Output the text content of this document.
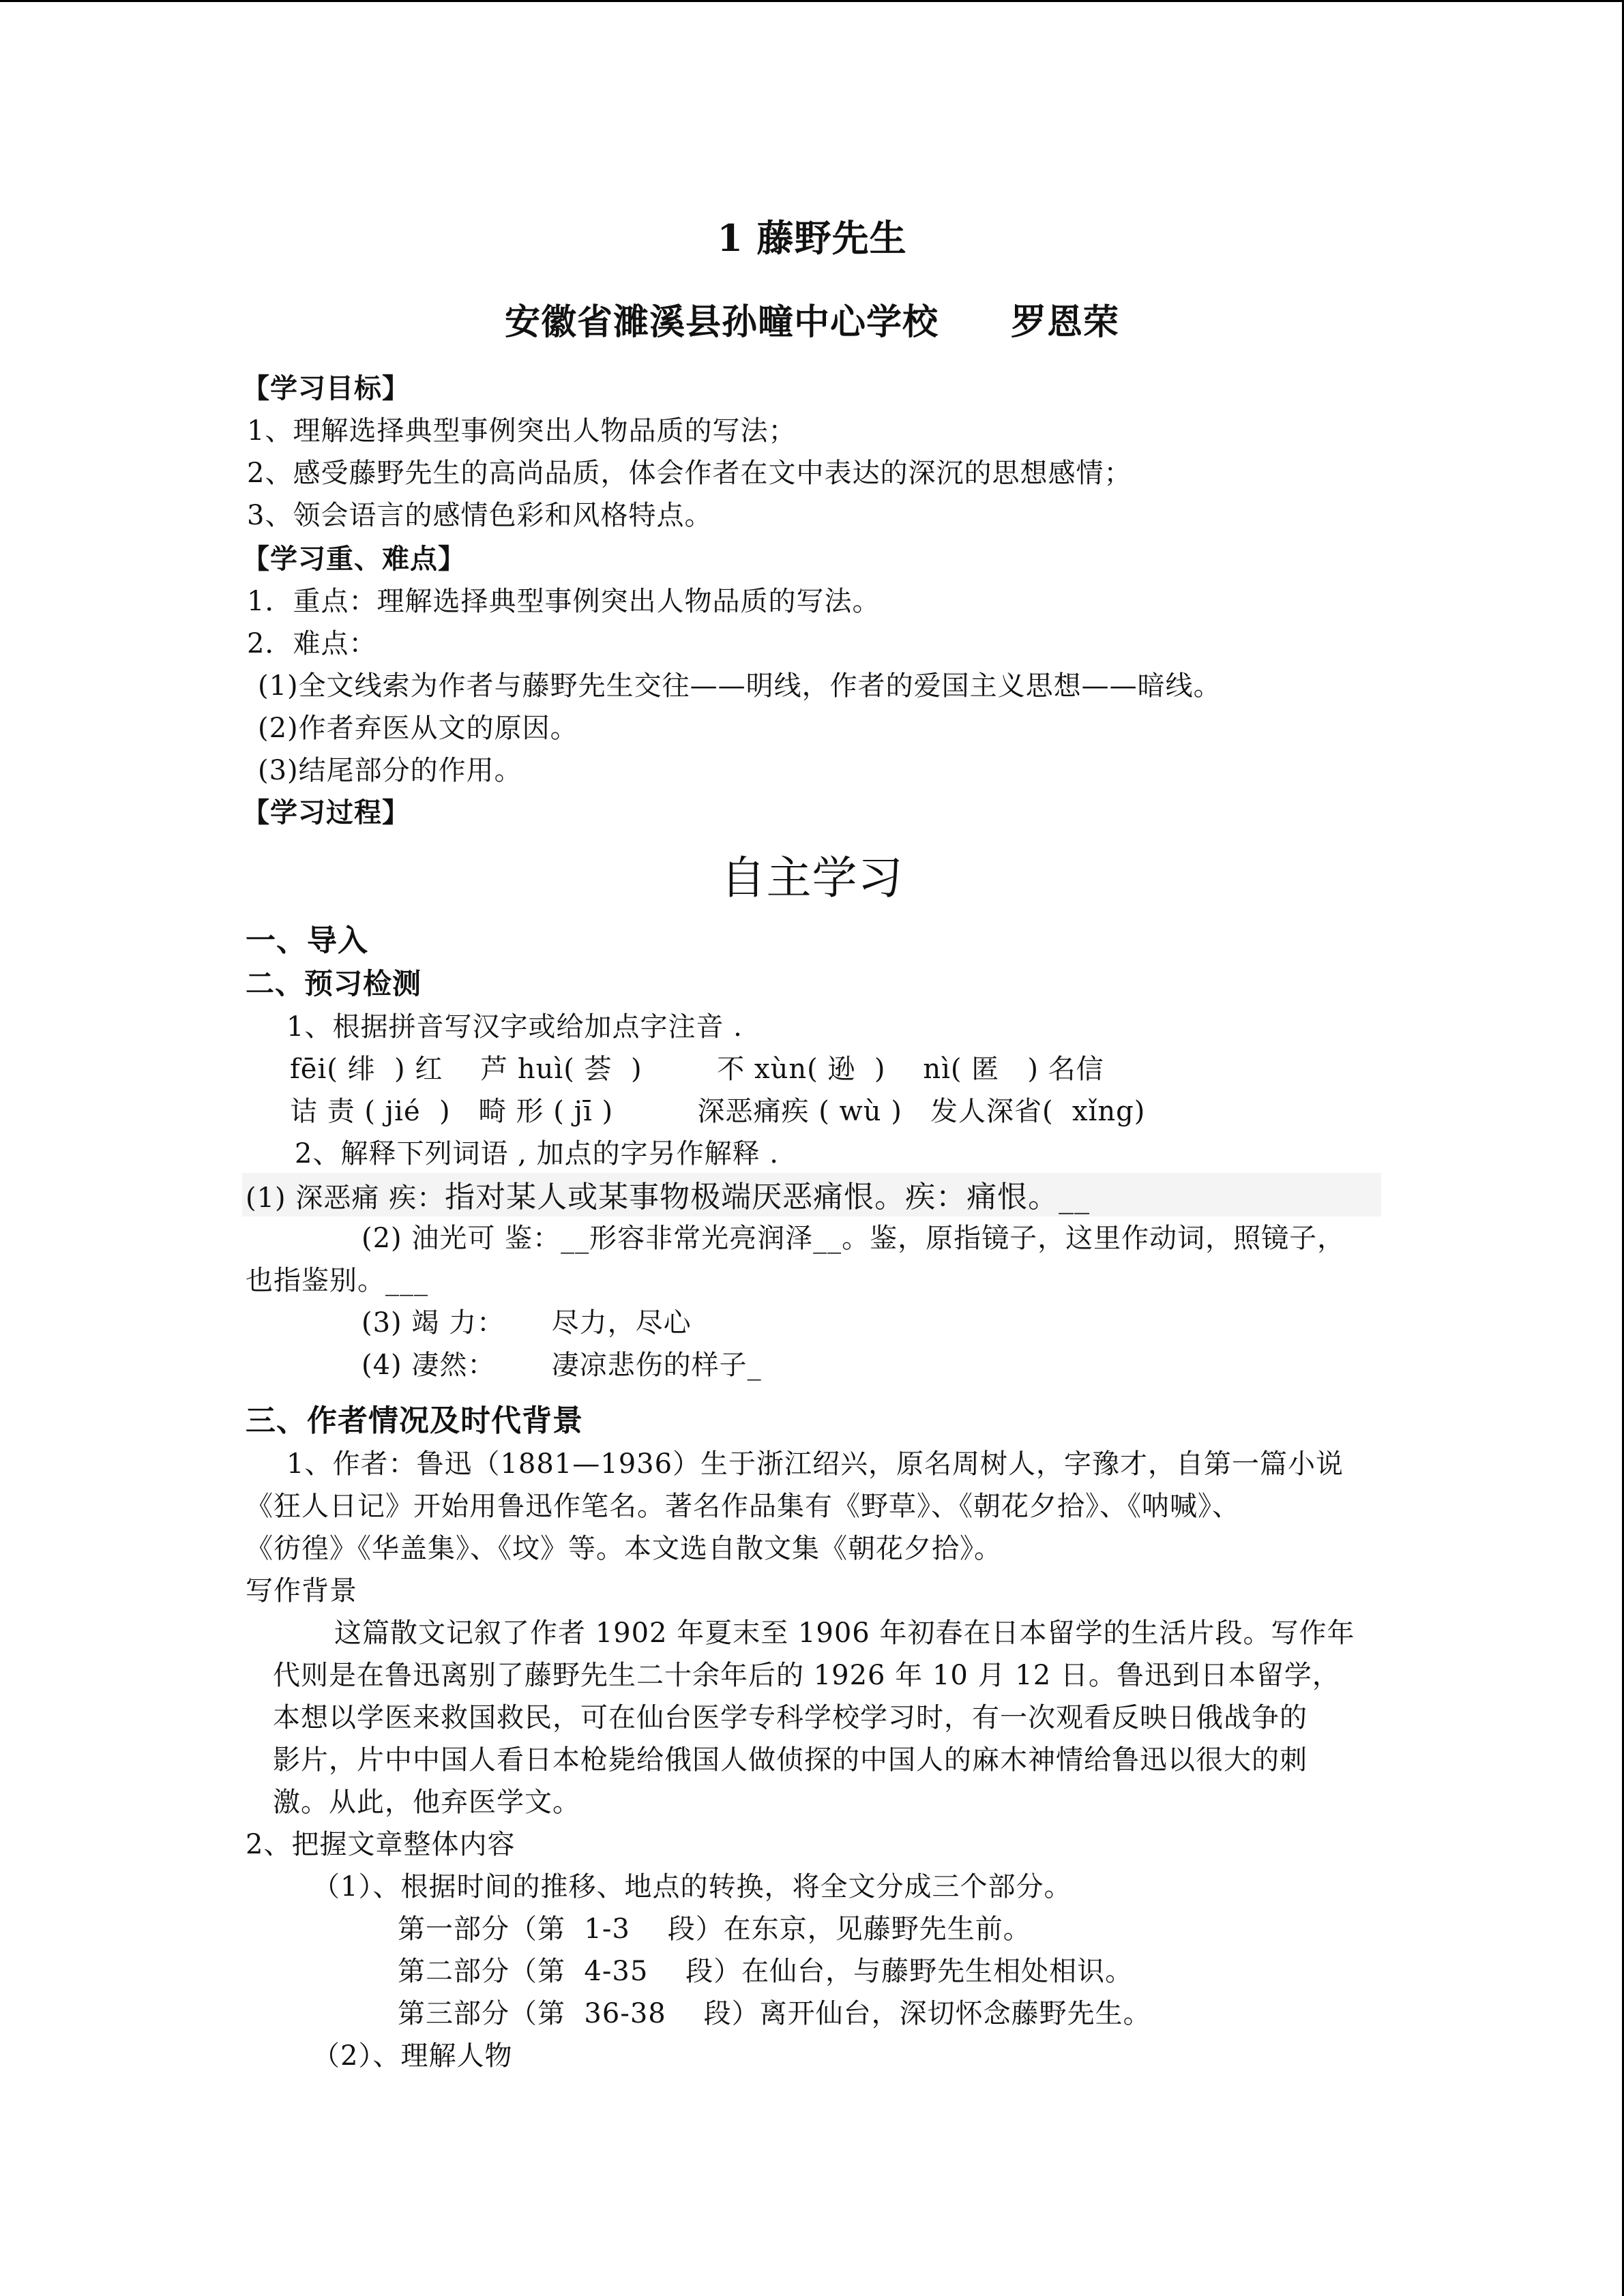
1 藤野先生
安徽省濉溪县孙疃中心学校　　罗恩荣
【学习目标】
1、理解选择典型事例突出人物品质的写法；
2、感受藤野先生的高尚品质，体会作者在文中表达的深沉的思想感情；
3、领会语言的感情色彩和风格特点。
【学习重、难点】
1．重点：理解选择典型事例突出人物品质的写法。
2．难点：
(1)全文线索为作者与藤野先生交往——明线，作者的爱国主义思想——暗线。
(2)作者弃医从文的原因。
(3)结尾部分的作用。
【学习过程】
自主学习
一、导入
二、预习检测
1、根据拼音写汉字或给加点字注音 .
fēi( 绯  ) 红    芦 huì( 荟  )        不 xùn( 逊  )    nì( 匿   ) 名信
诘 责 ( jié  )   畸 形 ( jī )         深恶痛疾 ( wù )   发人深省(  xǐng)
2、解释下列词语 , 加点的字另作解释 .
(1) 深恶痛 疾：指对某人或某事物极端厌恶痛恨。疾：痛恨。__
(2) 油光可 鉴：__形容非常光亮润泽__。鉴，原指镜子，这里作动词，照镜子，
也指鉴别。___
(3) 竭 力：     尽力，尽心
(4) 凄然：      凄凉悲伤的样子_
三、作者情况及时代背景
1、作者：鲁迅（1881—1936）生于浙江绍兴，原名周树人，字豫才，自第一篇小说
《狂人日记》开始用鲁迅作笔名。著名作品集有《野草》、《朝花夕拾》、《呐喊》、
《彷徨》《华盖集》、《坟》等。本文选自散文集《朝花夕拾》。
写作背景
这篇散文记叙了作者 1902 年夏末至 1906 年初春在日本留学的生活片段。写作年
代则是在鲁迅离别了藤野先生二十余年后的 1926 年 10 月 12 日。鲁迅到日本留学，
本想以学医来救国救民，可在仙台医学专科学校学习时，有一次观看反映日俄战争的
影片，片中中国人看日本枪毙给俄国人做侦探的中国人的麻木神情给鲁迅以很大的刺
激。从此，他弃医学文。
2、把握文章整体内容
（1）、根据时间的推移、地点的转换，将全文分成三个部分。
第一部分（第  1-3    段）在东京，见藤野先生前。
第二部分（第  4-35    段）在仙台，与藤野先生相处相识。
第三部分（第  36-38    段）离开仙台，深切怀念藤野先生。
（2）、理解人物
